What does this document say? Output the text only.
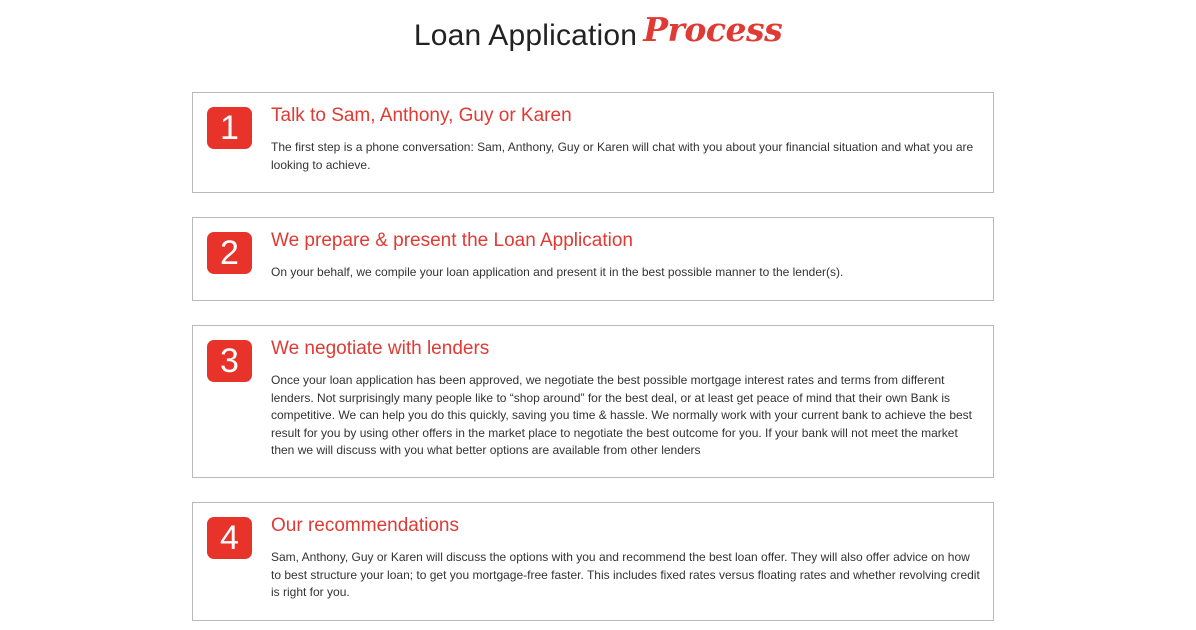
Loan Application Process
1	Talk to Sam, Anthony, Guy or Karen
The first step is a phone conversation: Sam, Anthony, Guy or Karen will chat with you about your financial situation and what you are looking to achieve.
2	We prepare & present the Loan Application
On your behalf, we compile your loan application and present it in the best possible manner to the lender(s).
3	We negotiate with lenders
Once your loan application has been approved, we negotiate the best possible mortgage interest rates and terms from different lenders. Not surprisingly many people like to “shop around” for the best deal, or at least get peace of mind that their own Bank is competitive. We can help you do this quickly, saving you time & hassle. We normally work with your current bank to achieve the best result for you by using other offers in the market place to negotiate the best outcome for you. If your bank will not meet the market then we will discuss with you what better options are available from other lenders
4	Our recommendations
Sam, Anthony, Guy or Karen will discuss the options with you and recommend the best loan offer. They will also offer advice on how to best structure your loan; to get you mortgage-free faster. This includes fixed rates versus floating rates and whether revolving credit is right for you.
